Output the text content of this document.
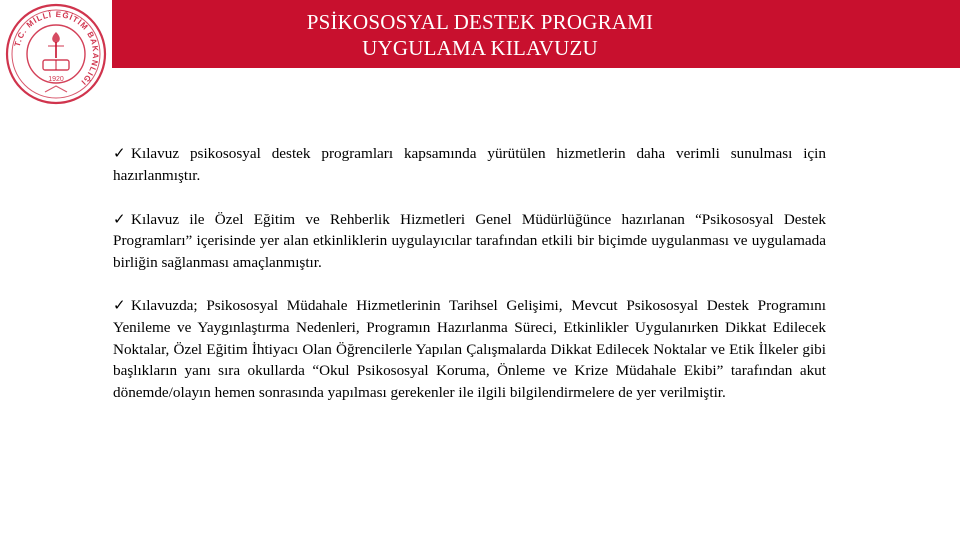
T.C. MİLLÎ EĞİTİM BAKANLIĞI
1920
PSİKOSOSYAL DESTEK PROGRAMI
UYGULAMA KILAVUZU

✓ Kılavuz psikososyal destek programları kapsamında yürütülen hizmetlerin daha verimli sunulması için hazırlanmıştır.

✓ Kılavuz ile Özel Eğitim ve Rehberlik Hizmetleri Genel Müdürlüğünce hazırlanan “Psikososyal Destek Programları” içerisinde yer alan etkinliklerin uygulayıcılar tarafından etkili bir biçimde uygulanması ve uygulamada birliğin sağlanması amaçlanmıştır.

✓ Kılavuzda; Psikososyal Müdahale Hizmetlerinin Tarihsel Gelişimi, Mevcut Psikososyal Destek Programını Yenileme ve Yaygınlaştırma Nedenleri, Programın Hazırlanma Süreci, Etkinlikler Uygulanırken Dikkat Edilecek Noktalar, Özel Eğitim İhtiyacı Olan Öğrencilerle Yapılan Çalışmalarda Dikkat Edilecek Noktalar ve Etik İlkeler gibi başlıkların yanı sıra okullarda “Okul Psikososyal Koruma, Önleme ve Krize Müdahale Ekibi” tarafından akut dönemde/olayın hemen sonrasında yapılması gerekenler ile ilgili bilgilendirmelere de yer verilmiştir.
